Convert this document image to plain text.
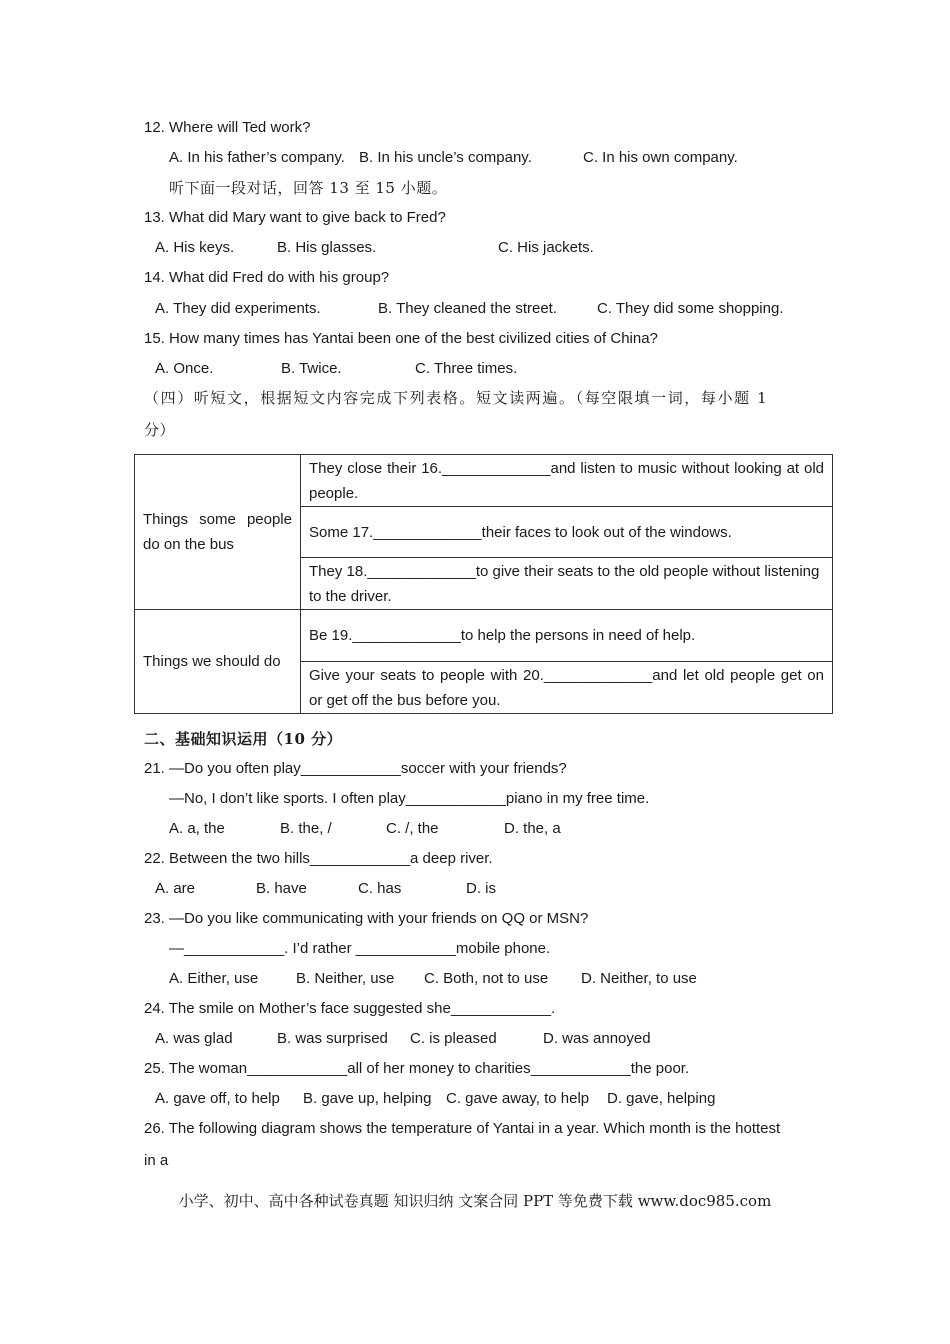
12. Where will Ted work?
A. In his father’s company. B. In his uncle’s company.	C. In his own company.
听下面一段对话，回答 13 至 15 小题。
13. What did Mary want to give back to Fred?
A. His keys.	B. His glasses.	C. His jackets.
14. What did Fred do with his group?
A. They did experiments.	B. They cleaned the street.	C. They did some shopping.
15. How many times has Yantai been one of the best civilized cities of China?
A. Once.	B. Twice.	C. Three times.
（四）听短文，根据短文内容完成下列表格。短文读两遍。（每空限填一词，每小题 1
分）
Things some people do on the bus	They close their 16._____________and listen to music without looking at old people.
	Some 17._____________their faces to look out of the windows.
	They 18._____________to give their seats to the old people without listening to the driver.
Things we should do	Be 19._____________to help the persons in need of help.
	Give your seats to people with 20._____________and let old people get on or get off the bus before you.
二、基础知识运用（10 分）
21. —Do you often play____________soccer with your friends?
—No, I don’t like sports. I often play____________piano in my free time.
A. a, the	B. the, /	C. /, the	D. the, a
22. Between the two hills____________a deep river.
A. are	B. have	C. has	D. is
23. —Do you like communicating with your friends on QQ or MSN?
—____________. I’d rather ____________mobile phone.
A. Either, use	B. Neither, use C. Both, not to use D. Neither, to use
24. The smile on Mother’s face suggested she____________.
A. was glad	B. was surprised C. is pleased	D. was annoyed
25. The woman____________all of her money to charities____________the poor.
A. gave off, to help B. gave up, helping C. gave away, to help D. gave, helping
26. The following diagram shows the temperature of Yantai in a year. Which month is the hottest
in a
小学、初中、高中各种试卷真题 知识归纳 文案合同 PPT 等免费下载 www.doc985.com
